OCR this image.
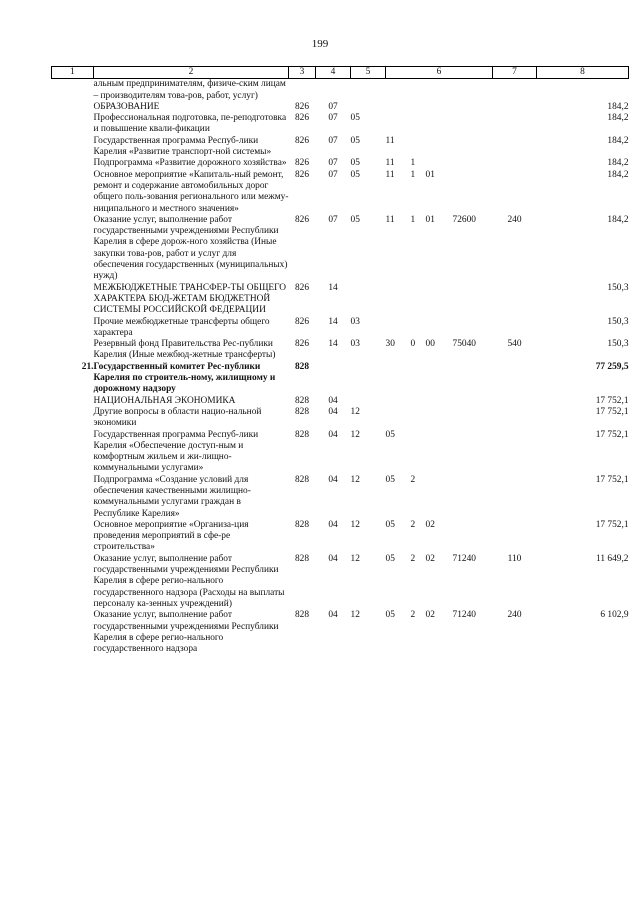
199
1	2	3	4	5	6				7	8
	альным предпринимателям, физиче-ским лицам – производителям това-ров, работ, услуг)									
	ОБРАЗОВАНИЕ	826	07							184,2
	Профессиональная подготовка, пе-реподготовка и повышение квали-фикации	826	07	05						184,2
	Государственная программа Респуб-лики Карелия «Развитие транспорт-ной системы»	826	07	05	11					184,2
	Подпрограмма «Развитие дорожного хозяйства»	826	07	05	11	1				184,2
	Основное мероприятие «Капиталь-ный ремонт, ремонт и содержание автомобильных дорог общего поль-зования регионального или межму-ниципального и местного значения»	826	07	05	11	1	01			184,2
	Оказание услуг, выполнение работ государственными учреждениями Республики Карелия в сфере дорож-ного хозяйства (Иные закупки това-ров, работ и услуг для обеспечения государственных (муниципальных) нужд)	826	07	05	11	1	01	72600	240	184,2
	МЕЖБЮДЖЕТНЫЕ ТРАНСФЕР-ТЫ ОБЩЕГО ХАРАКТЕРА БЮД-ЖЕТАМ БЮДЖЕТНОЙ СИСТЕМЫ РОССИЙСКОЙ ФЕДЕРАЦИИ	826	14							150,3
	Прочие межбюджетные трансферты общего характера	826	14	03						150,3
	Резервный фонд Правительства Рес-публики Карелия (Иные межбюд-жетные трансферты)	826	14	03	30	0	00	75040	540	150,3
21.	Государственный комитет Рес-публики Карелия по строитель-ному, жилищному и дорожному надзору	828								77 259,5
	НАЦИОНАЛЬНАЯ ЭКОНОМИКА	828	04							17 752,1
	Другие вопросы в области нацио-нальной экономики	828	04	12						17 752,1
	Государственная программа Респуб-лики Карелия «Обеспечение доступ-ным и комфортным жильем и жи-лищно-коммунальными услугами»	828	04	12	05					17 752,1
	Подпрограмма «Создание условий для обеспечения качественными жилищно-коммунальными услугами граждан в Республике Карелия»	828	04	12	05	2				17 752,1
	Основное мероприятие «Организа-ция проведения мероприятий в сфе-ре строительства»	828	04	12	05	2	02			17 752,1
	Оказание услуг, выполнение работ государственными учреждениями Республики Карелия в сфере регио-нального государственного надзора (Расходы на выплаты персоналу ка-зенных учреждений)	828	04	12	05	2	02	71240	110	11 649,2
	Оказание услуг, выполнение работ государственными учреждениями Республики Карелия в сфере регио-нального государственного надзора	828	04	12	05	2	02	71240	240	6 102,9
